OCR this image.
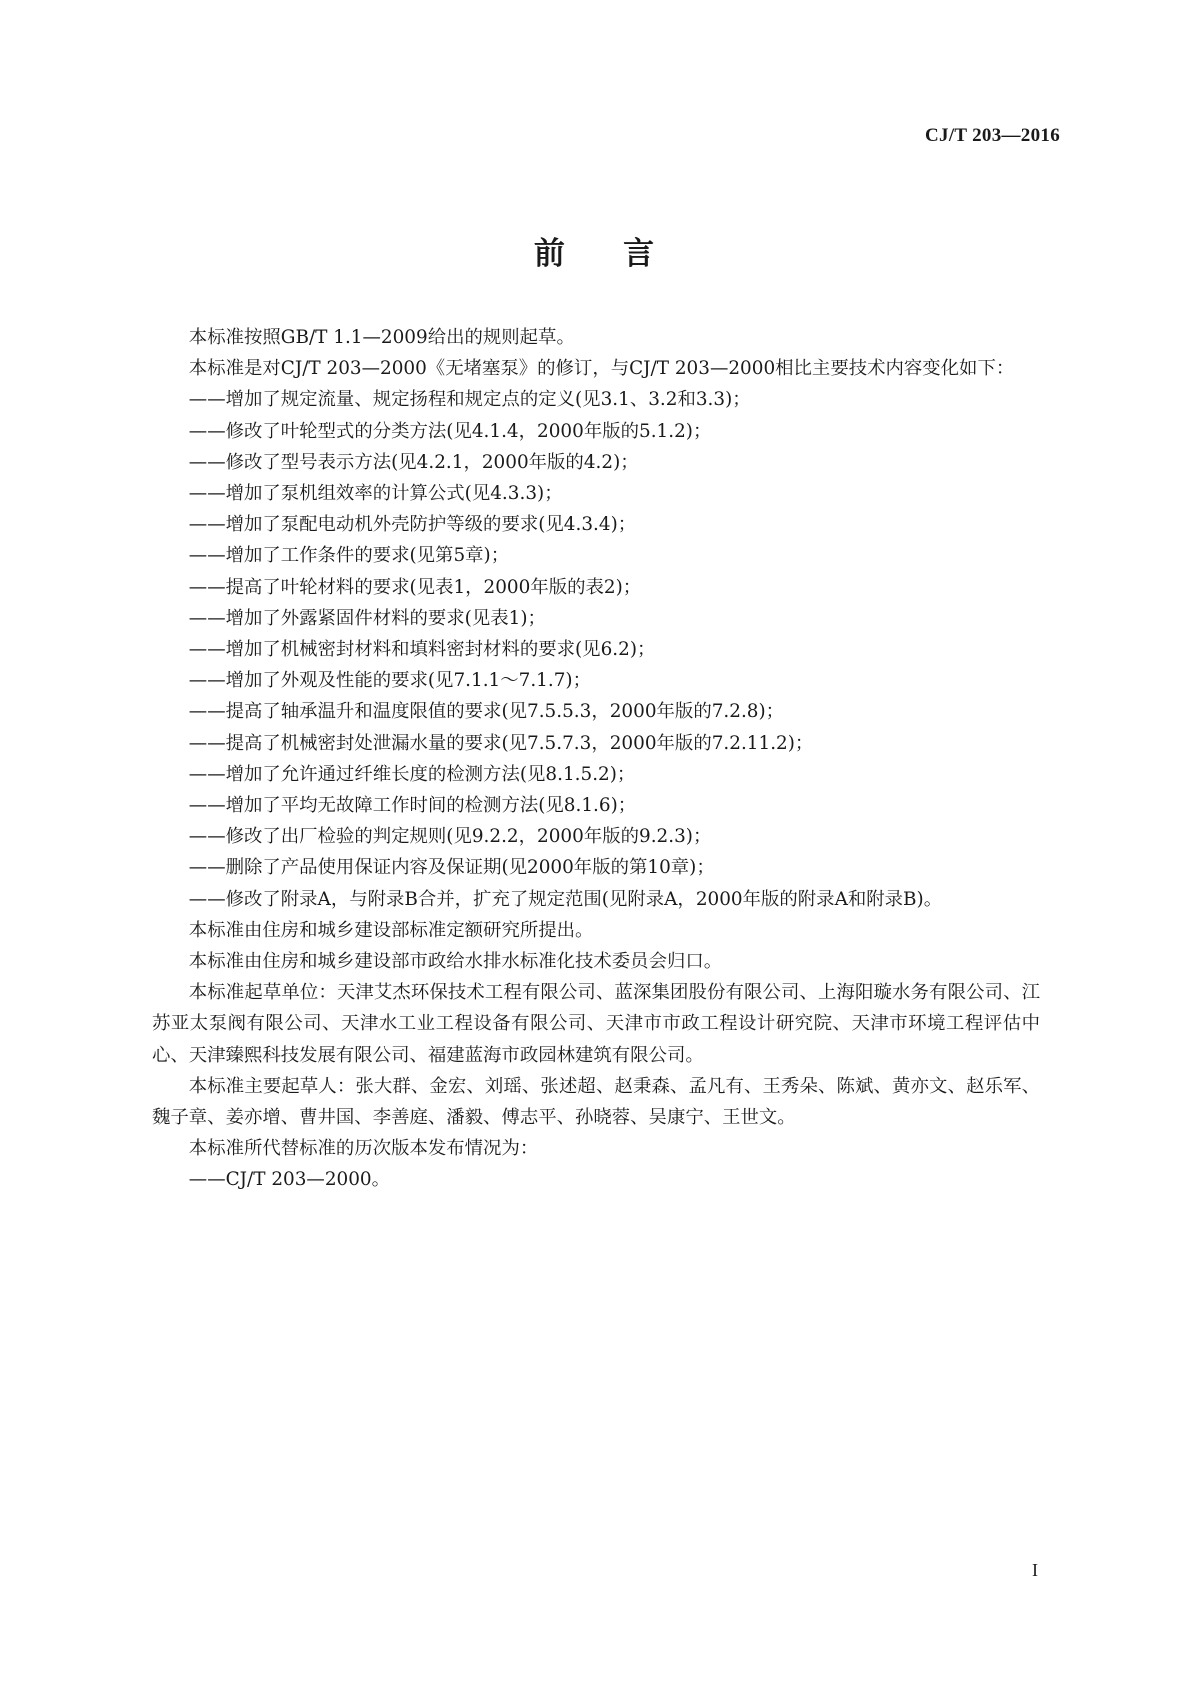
CJ/T 203—2016
前    言

本标准按照GB/T 1.1—2009给出的规则起草。

本标准是对CJ/T 203—2000《无堵塞泵》的修订，与CJ/T 203—2000相比主要技术内容变化如下：

——增加了规定流量、规定扬程和规定点的定义(见3.1、3.2和3.3)；

——修改了叶轮型式的分类方法(见4.1.4，2000年版的5.1.2)；

——修改了型号表示方法(见4.2.1，2000年版的4.2)；

——增加了泵机组效率的计算公式(见4.3.3)；

——增加了泵配电动机外壳防护等级的要求(见4.3.4)；

——增加了工作条件的要求(见第5章)；

——提高了叶轮材料的要求(见表1，2000年版的表2)；

——增加了外露紧固件材料的要求(见表1)；

——增加了机械密封材料和填料密封材料的要求(见6.2)；

——增加了外观及性能的要求(见7.1.1～7.1.7)；

——提高了轴承温升和温度限值的要求(见7.5.5.3，2000年版的7.2.8)；

——提高了机械密封处泄漏水量的要求(见7.5.7.3，2000年版的7.2.11.2)；

——增加了允许通过纤维长度的检测方法(见8.1.5.2)；

——增加了平均无故障工作时间的检测方法(见8.1.6)；

——修改了出厂检验的判定规则(见9.2.2，2000年版的9.2.3)；

——删除了产品使用保证内容及保证期(见2000年版的第10章)；

——修改了附录A，与附录B合并，扩充了规定范围(见附录A，2000年版的附录A和附录B)。

本标准由住房和城乡建设部标准定额研究所提出。

本标准由住房和城乡建设部市政给水排水标准化技术委员会归口。

本标准起草单位：天津艾杰环保技术工程有限公司、蓝深集团股份有限公司、上海阳璇水务有限公司、江苏亚太泵阀有限公司、天津水工业工程设备有限公司、天津市市政工程设计研究院、天津市环境工程评估中心、天津臻熙科技发展有限公司、福建蓝海市政园林建筑有限公司。

本标准主要起草人：张大群、金宏、刘瑶、张述超、赵秉森、孟凡有、王秀朵、陈斌、黄亦文、赵乐军、魏子章、姜亦增、曹井国、李善庭、潘毅、傅志平、孙晓蓉、吴康宁、王世文。

本标准所代替标准的历次版本发布情况为：

——CJ/T 203—2000。

I
